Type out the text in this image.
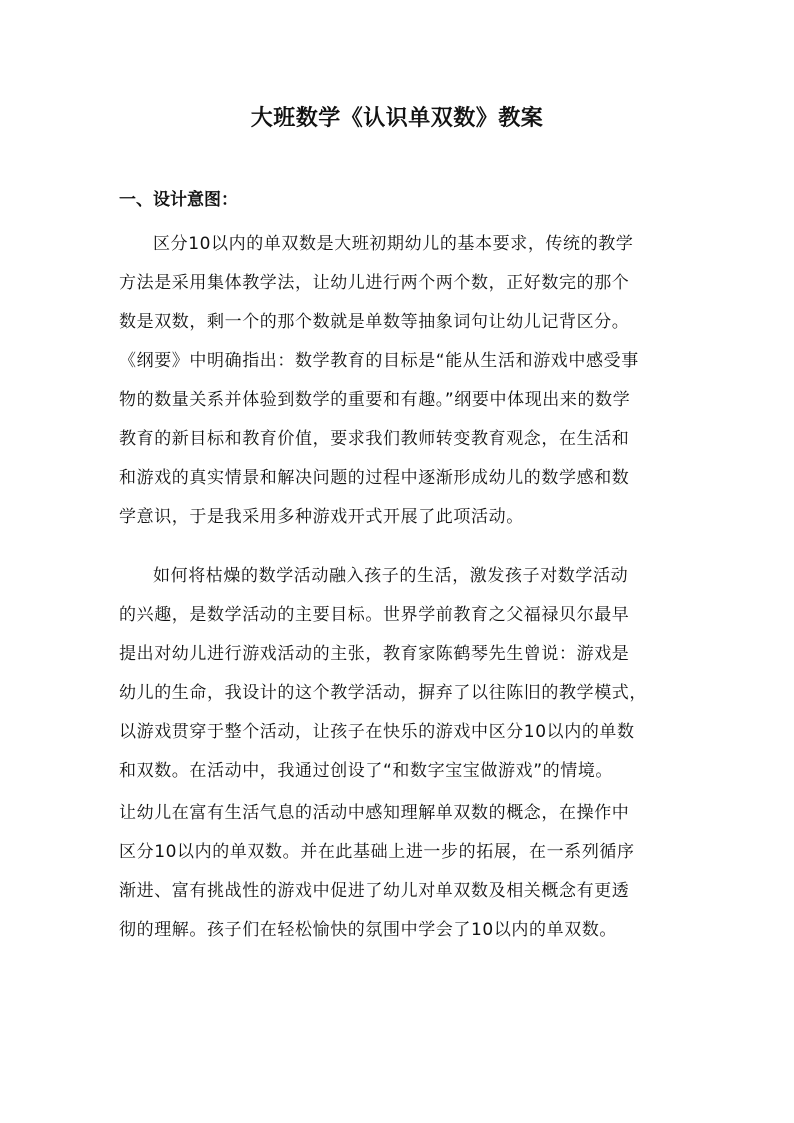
大班数学《认识单双数》教案
一、设计意图：
区分10以内的单双数是大班初期幼儿的基本要求，传统的教学
方法是采用集体教学法，让幼儿进行两个两个数，正好数完的那个
数是双数，剩一个的那个数就是单数等抽象词句让幼儿记背区分。
《纲要》中明确指出：数学教育的目标是“能从生活和游戏中感受事
物的数量关系并体验到数学的重要和有趣。”纲要中体现出来的数学
教育的新目标和教育价值，要求我们教师转变教育观念，在生活和
和游戏的真实情景和解决问题的过程中逐渐形成幼儿的数学感和数
学意识，于是我采用多种游戏开式开展了此项活动。
如何将枯燥的数学活动融入孩子的生活，激发孩子对数学活动
的兴趣，是数学活动的主要目标。世界学前教育之父福禄贝尔最早
提出对幼儿进行游戏活动的主张，教育家陈鹤琴先生曾说：游戏是
幼儿的生命，我设计的这个教学活动，摒弃了以往陈旧的教学模式，
以游戏贯穿于整个活动，让孩子在快乐的游戏中区分10以内的单数
和双数。在活动中，我通过创设了“和数字宝宝做游戏”的情境。
让幼儿在富有生活气息的活动中感知理解单双数的概念，在操作中
区分10以内的单双数。并在此基础上进一步的拓展，在一系列循序
渐进、富有挑战性的游戏中促进了幼儿对单双数及相关概念有更透
彻的理解。孩子们在轻松愉快的氛围中学会了10以内的单双数。
